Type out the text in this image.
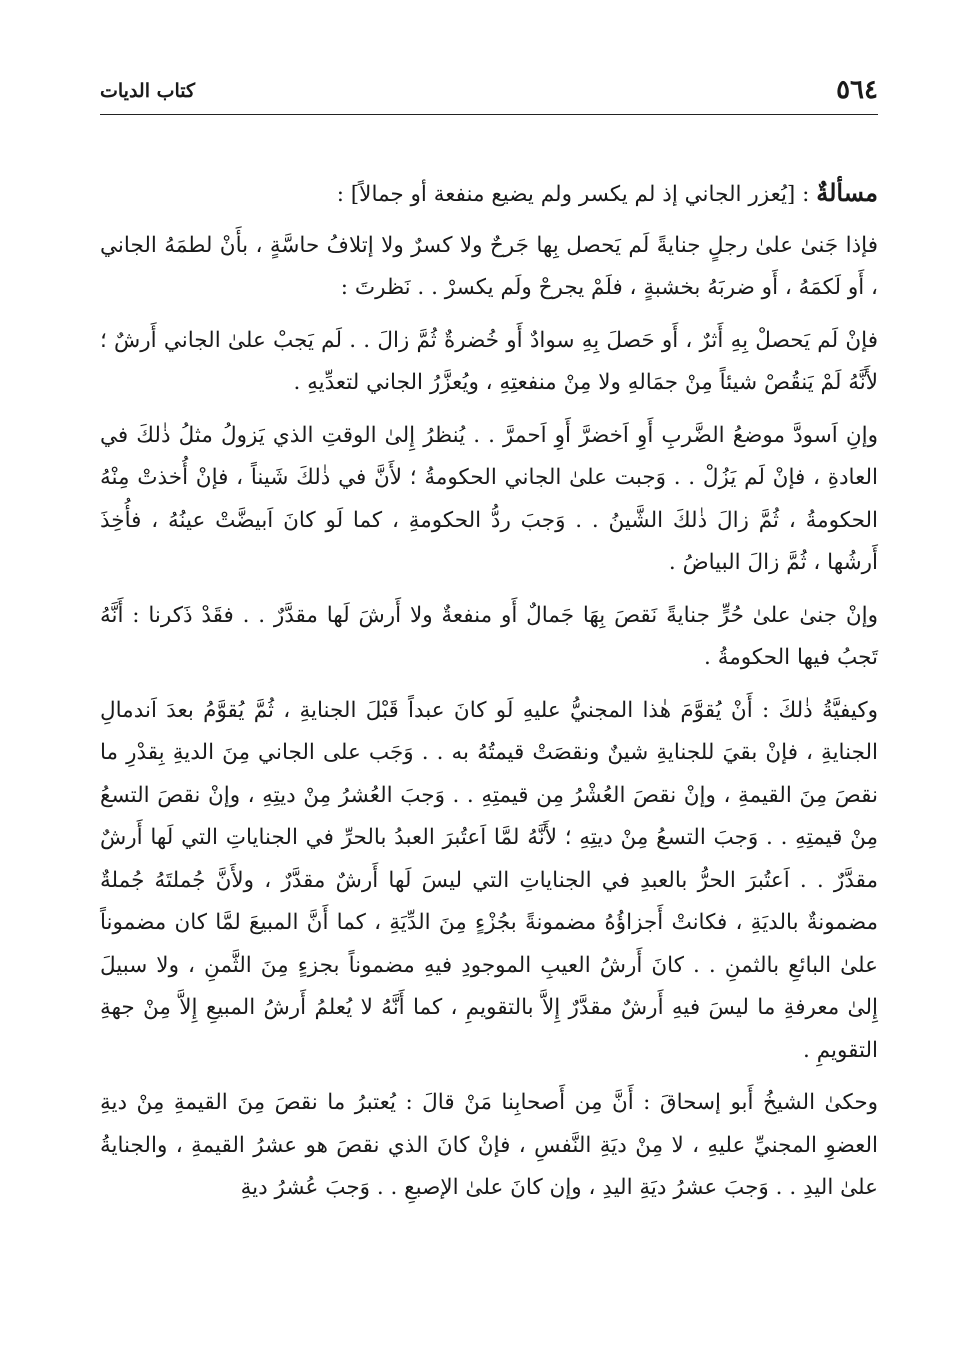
٥٦٤
كتاب الديات

مسألةٌ : [يُعزر الجاني إذ لم يكسر ولم يضيع منفعة أو جمالاً] :

فإذا جَنىٰ علىٰ رجلٍ جنايةً لَم يَحصل بِها جَرحٌ ولا كسرٌ ولا إتلافُ حاسَّةٍ ، بأَنْ لطمَهُ الجاني ، أَو لَكمَهُ ، أَو ضربَهُ بخشبةٍ ، فلَمْ يجرحْ ولَم يكسرْ . . نَظرتَ :

فإنْ لَم يَحصلْ بِهِ أَثرٌ ، أَو حَصلَ بِهِ سوادٌ أَو خُضرةٌ ثُمَّ زالَ . . لَم يَجبْ علىٰ الجاني أَرشٌ ؛ لأَنَّهُ لَمْ يَنقُصْ شيئاً مِنْ جمَالهِ ولا مِنْ منفعتِهِ ، ويُعزَّرُ الجاني لتعدِّيهِ .

وإنِ اَسودَّ موضعُ الضَّربِ أَوِ اَخضرَّ أَوِ اَحمرَّ . . يُنظرُ إِلىٰ الوقتِ الذي يَزولُ مثلُ ذٰلكَ في العادةِ ، فإنْ لَم يَزُلْ . . وَجبت علىٰ الجاني الحكومةُ ؛ لأَنَّ في ذٰلكَ شَيناً ، فإنْ أُخذتْ مِنْهُ الحكومةُ ، ثُمَّ زالَ ذٰلكَ الشَّينُ . . وَجبَ ردُّ الحكومةِ ، كما لَو كانَ اَبيضَّتْ عينُهُ ، فأُخِذَ أَرشُها ، ثُمَّ زالَ البياضُ .

وإنْ جنىٰ علىٰ حُرٍّ جنايةً نَقصَ بِهَا جَمالٌ أَو منفعةٌ ولا أَرشَ لَها مقدَّرٌ . . فقَدْ ذَكرنا : أَنَّهُ تَجبُ فيها الحكومةُ .

وكيفيَّةُ ذٰلكَ : أَنْ يُقوَّمَ هٰذا المجنيُّ عليهِ لَو كانَ عبداً قَبْلَ الجنايةِ ، ثُمَّ يُقوَّمُ بعدَ اَندمالِ الجنايةِ ، فإنْ بقيَ للجنايةِ شينٌ ونقصَتْ قيمتُهُ به . . وَجَب على الجاني مِنَ الديةِ بِقدْرِ ما نقصَ مِنَ القيمةِ ، وإنْ نقصَ العُشْرُ مِن قيمتِهِ . . وَجبَ العُشرُ مِنْ ديتِهِ ، وإنْ نقصَ التسعُ مِنْ قيمتِهِ . . وَجبَ التسعُ مِنْ ديتِهِ ؛ لأَنَّهُ لمَّا اَعتُبرَ العبدُ بالحرِّ في الجناياتِ التي لَها أَرشٌ مقدَّرٌ . . اَعتُبرَ الحرُّ بالعبدِ في الجناياتِ التي ليسَ لَها أَرشٌ مقدَّرٌ ، ولأَنَّ جُملتَهُ جُملةٌ مضمونةٌ بالديَةِ ، فكانتْ أَجزاؤُهُ مضمونةً بجُزْءٍ مِنَ الدِّيَةِ ، كما أَنَّ المبيعَ لمَّا كان مضموناً علىٰ البائعِ بالثمنِ . . كانَ أَرشُ العيبِ الموجودِ فيهِ مضموناً بجزءٍ مِنَ الثَّمنِ ، ولا سبيلَ إِلىٰ معرفةِ ما ليسَ فيهِ أَرشٌ مقدَّرٌ إِلاَّ بالتقويمِ ، كما أَنَّهُ لا يُعلمُ أَرشُ المبيعِ إِلاَّ مِنْ جهةِ التقويمِ .

وحكىٰ الشيخُ أَبو إسحاقَ : أَنَّ مِن أَصحابِنا مَنْ قالَ : يُعتبرُ ما نقصَ مِنَ القيمةِ مِنْ ديةِ العضوِ المجنيِّ عليهِ ، لا مِنْ ديَةِ النَّفسِ ، فإنْ كانَ الذي نقصَ هو عشرُ القيمةِ ، والجنايةُ علىٰ اليدِ . . وَجبَ عشرُ ديَةِ اليدِ ، وإن كانَ علىٰ الإصبعِ . . وَجبَ عُشرُ ديةِ
